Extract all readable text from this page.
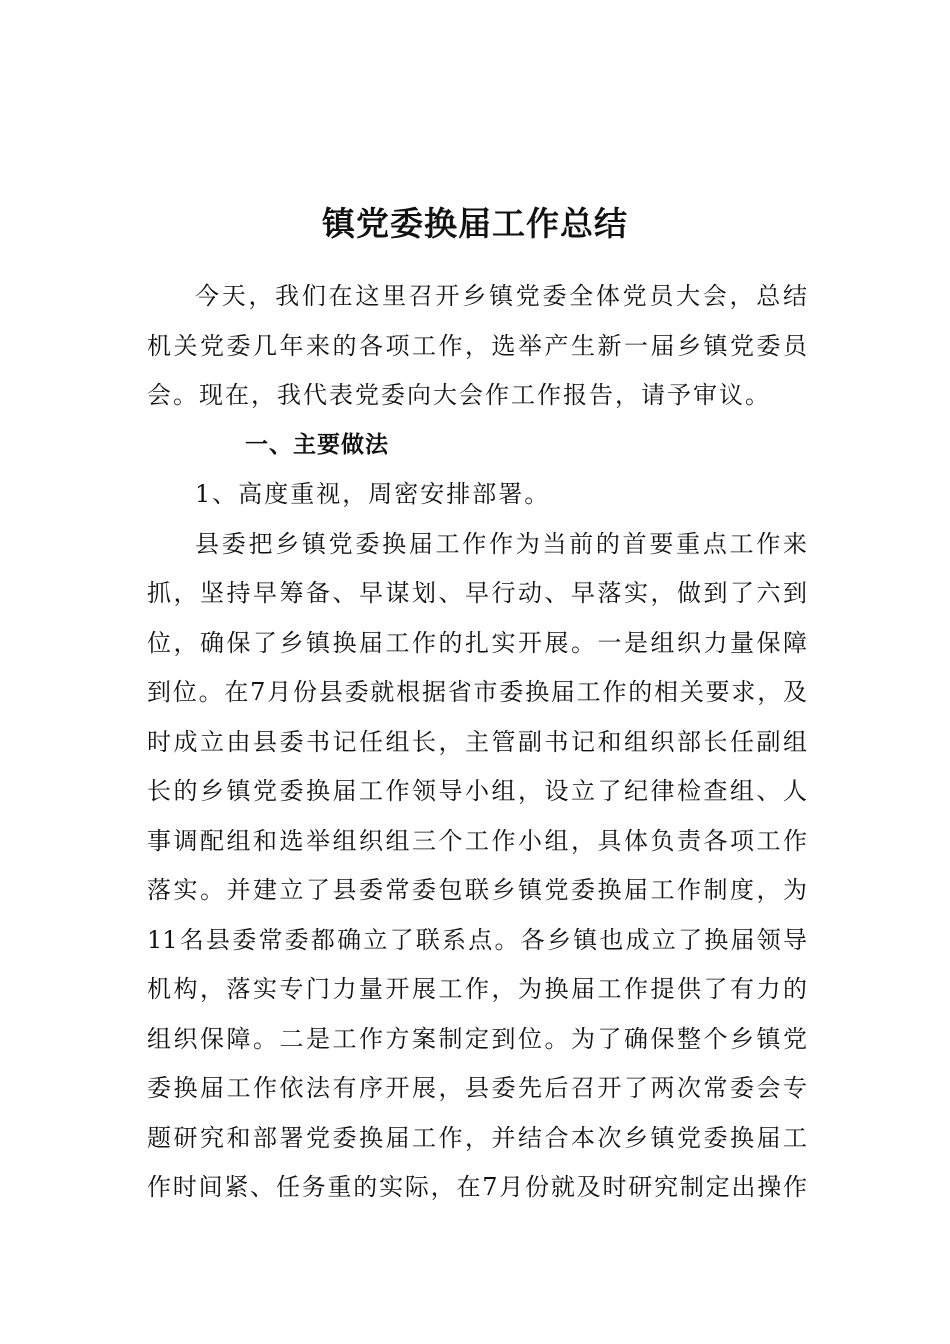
镇党委换届工作总结

今天，我们在这里召开乡镇党委全体党员大会，总结

机关党委几年来的各项工作，选举产生新一届乡镇党委员

会。现在，我代表党委向大会作工作报告，请予审议。

一、主要做法

1、高度重视，周密安排部署。

县委把乡镇党委换届工作作为当前的首要重点工作来

抓，坚持早筹备、早谋划、早行动、早落实，做到了六到

位，确保了乡镇换届工作的扎实开展。一是组织力量保障

到位。在7月份县委就根据省市委换届工作的相关要求，及

时成立由县委书记任组长，主管副书记和组织部长任副组

长的乡镇党委换届工作领导小组，设立了纪律检查组、人

事调配组和选举组织组三个工作小组，具体负责各项工作

落实。并建立了县委常委包联乡镇党委换届工作制度，为

11名县委常委都确立了联系点。各乡镇也成立了换届领导

机构，落实专门力量开展工作，为换届工作提供了有力的

组织保障。二是工作方案制定到位。为了确保整个乡镇党

委换届工作依法有序开展，县委先后召开了两次常委会专

题研究和部署党委换届工作，并结合本次乡镇党委换届工

作时间紧、任务重的实际，在7月份就及时研究制定出操作
